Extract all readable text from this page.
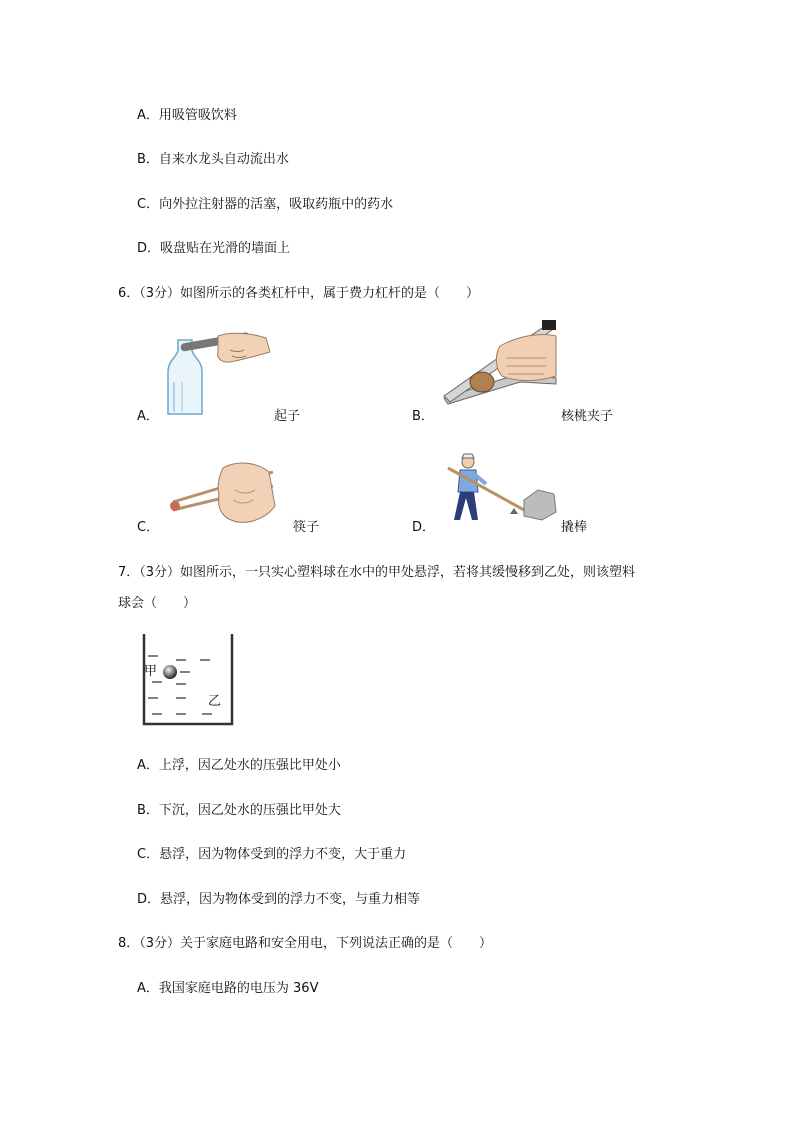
A．用吸管吸饮料
B．自来水龙头自动流出水
C．向外拉注射器的活塞，吸取药瓶中的药水
D．吸盘贴在光滑的墙面上
6．（3分）如图所示的各类杠杆中，属于费力杠杆的是（　　）
A．	起子	B．	核桃夹子
C．	筷子	D．	撬棒
7．（3分）如图所示，一只实心塑料球在水中的甲处悬浮，若将其缓慢移到乙处，则该塑料
球会（　　）
甲
乙
A．上浮，因乙处水的压强比甲处小
B．下沉，因乙处水的压强比甲处大
C．悬浮，因为物体受到的浮力不变，大于重力
D．悬浮，因为物体受到的浮力不变，与重力相等
8．（3分）关于家庭电路和安全用电，下列说法正确的是（　　）
A．我国家庭电路的电压为 36V
